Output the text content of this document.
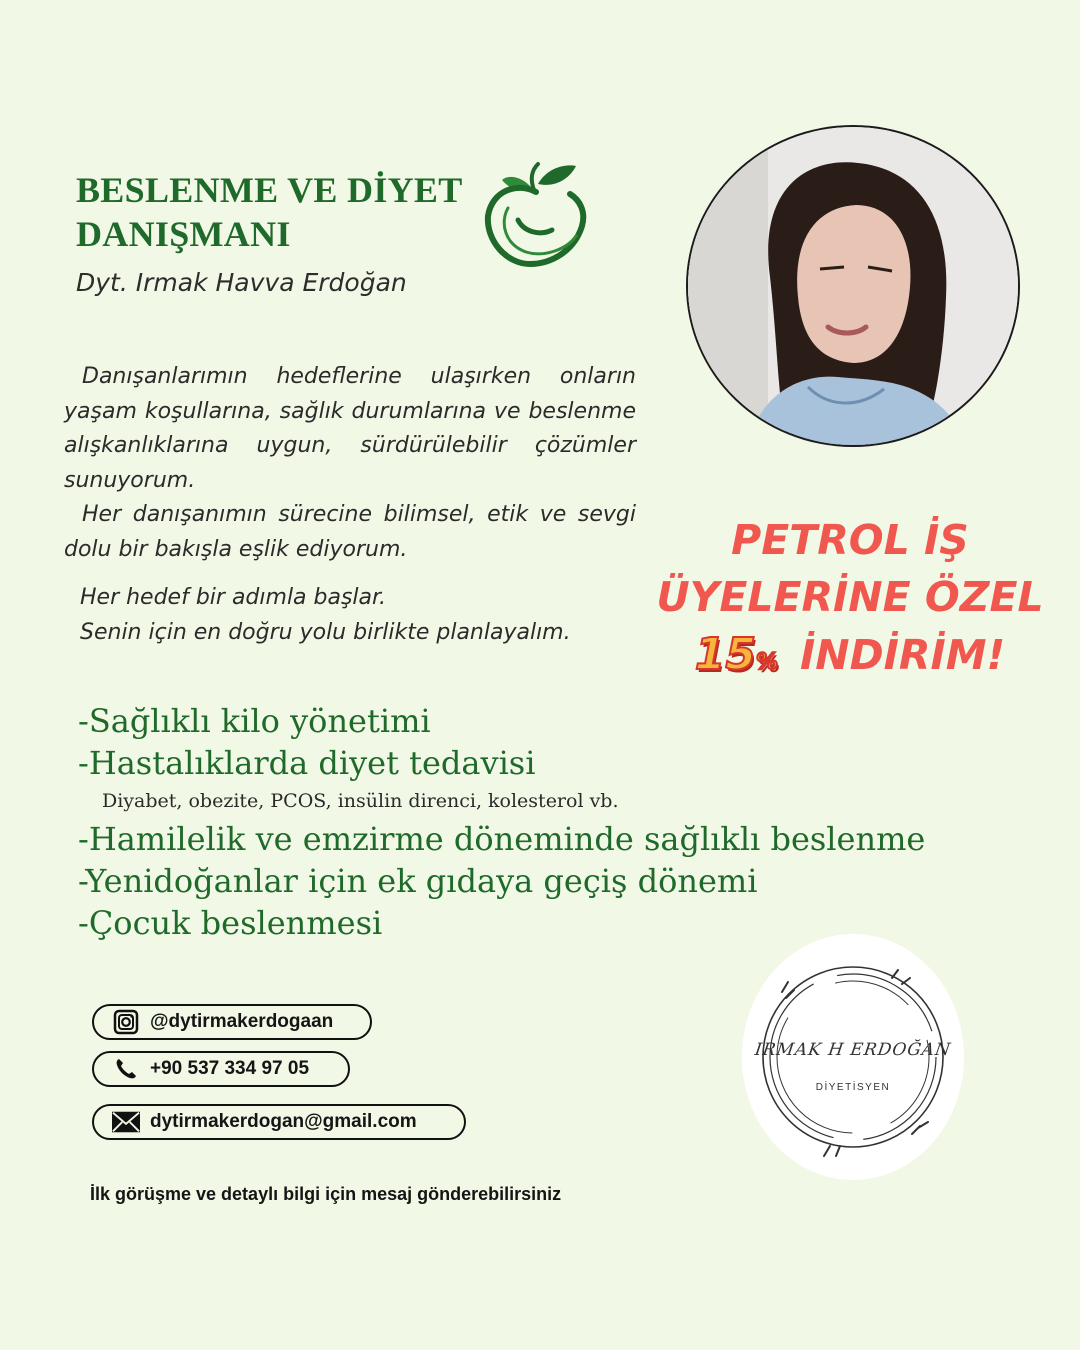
BESLENME VE DİYET
DANIŞMANI
Dyt. Irmak Havva Erdoğan

Danışanlarımın hedeflerine ulaşırken onların yaşam koşullarına, sağlık durumlarına ve beslenme alışkanlıklarına uygun, sürdürülebilir çözümler sunuyorum.

Her danışanımın sürecine bilimsel, etik ve sevgi dolu bir bakışla eşlik ediyorum.

Her hedef bir adımla başlar.
Senin için en doğru yolu birlikte planlayalım.
PETROL İŞ
ÜYELERİNE ÖZEL
15% İNDİRİM!
-Sağlıklı kilo yönetimi
-Hastalıklarda diyet tedavisi
Diyabet, obezite, PCOS, insülin direnci, kolesterol vb.
-Hamilelik ve emzirme döneminde sağlıklı beslenme
-Yenidoğanlar için ek gıdaya geçiş dönemi
-Çocuk beslenmesi
@dytirmakerdogaan
+90 537 334 97 05
dytirmakerdogan@gmail.com
İlk görüşme ve detaylı bilgi için mesaj gönderebilirsiniz
IRMAK H ERDOĞAN
DİYETİSYEN
